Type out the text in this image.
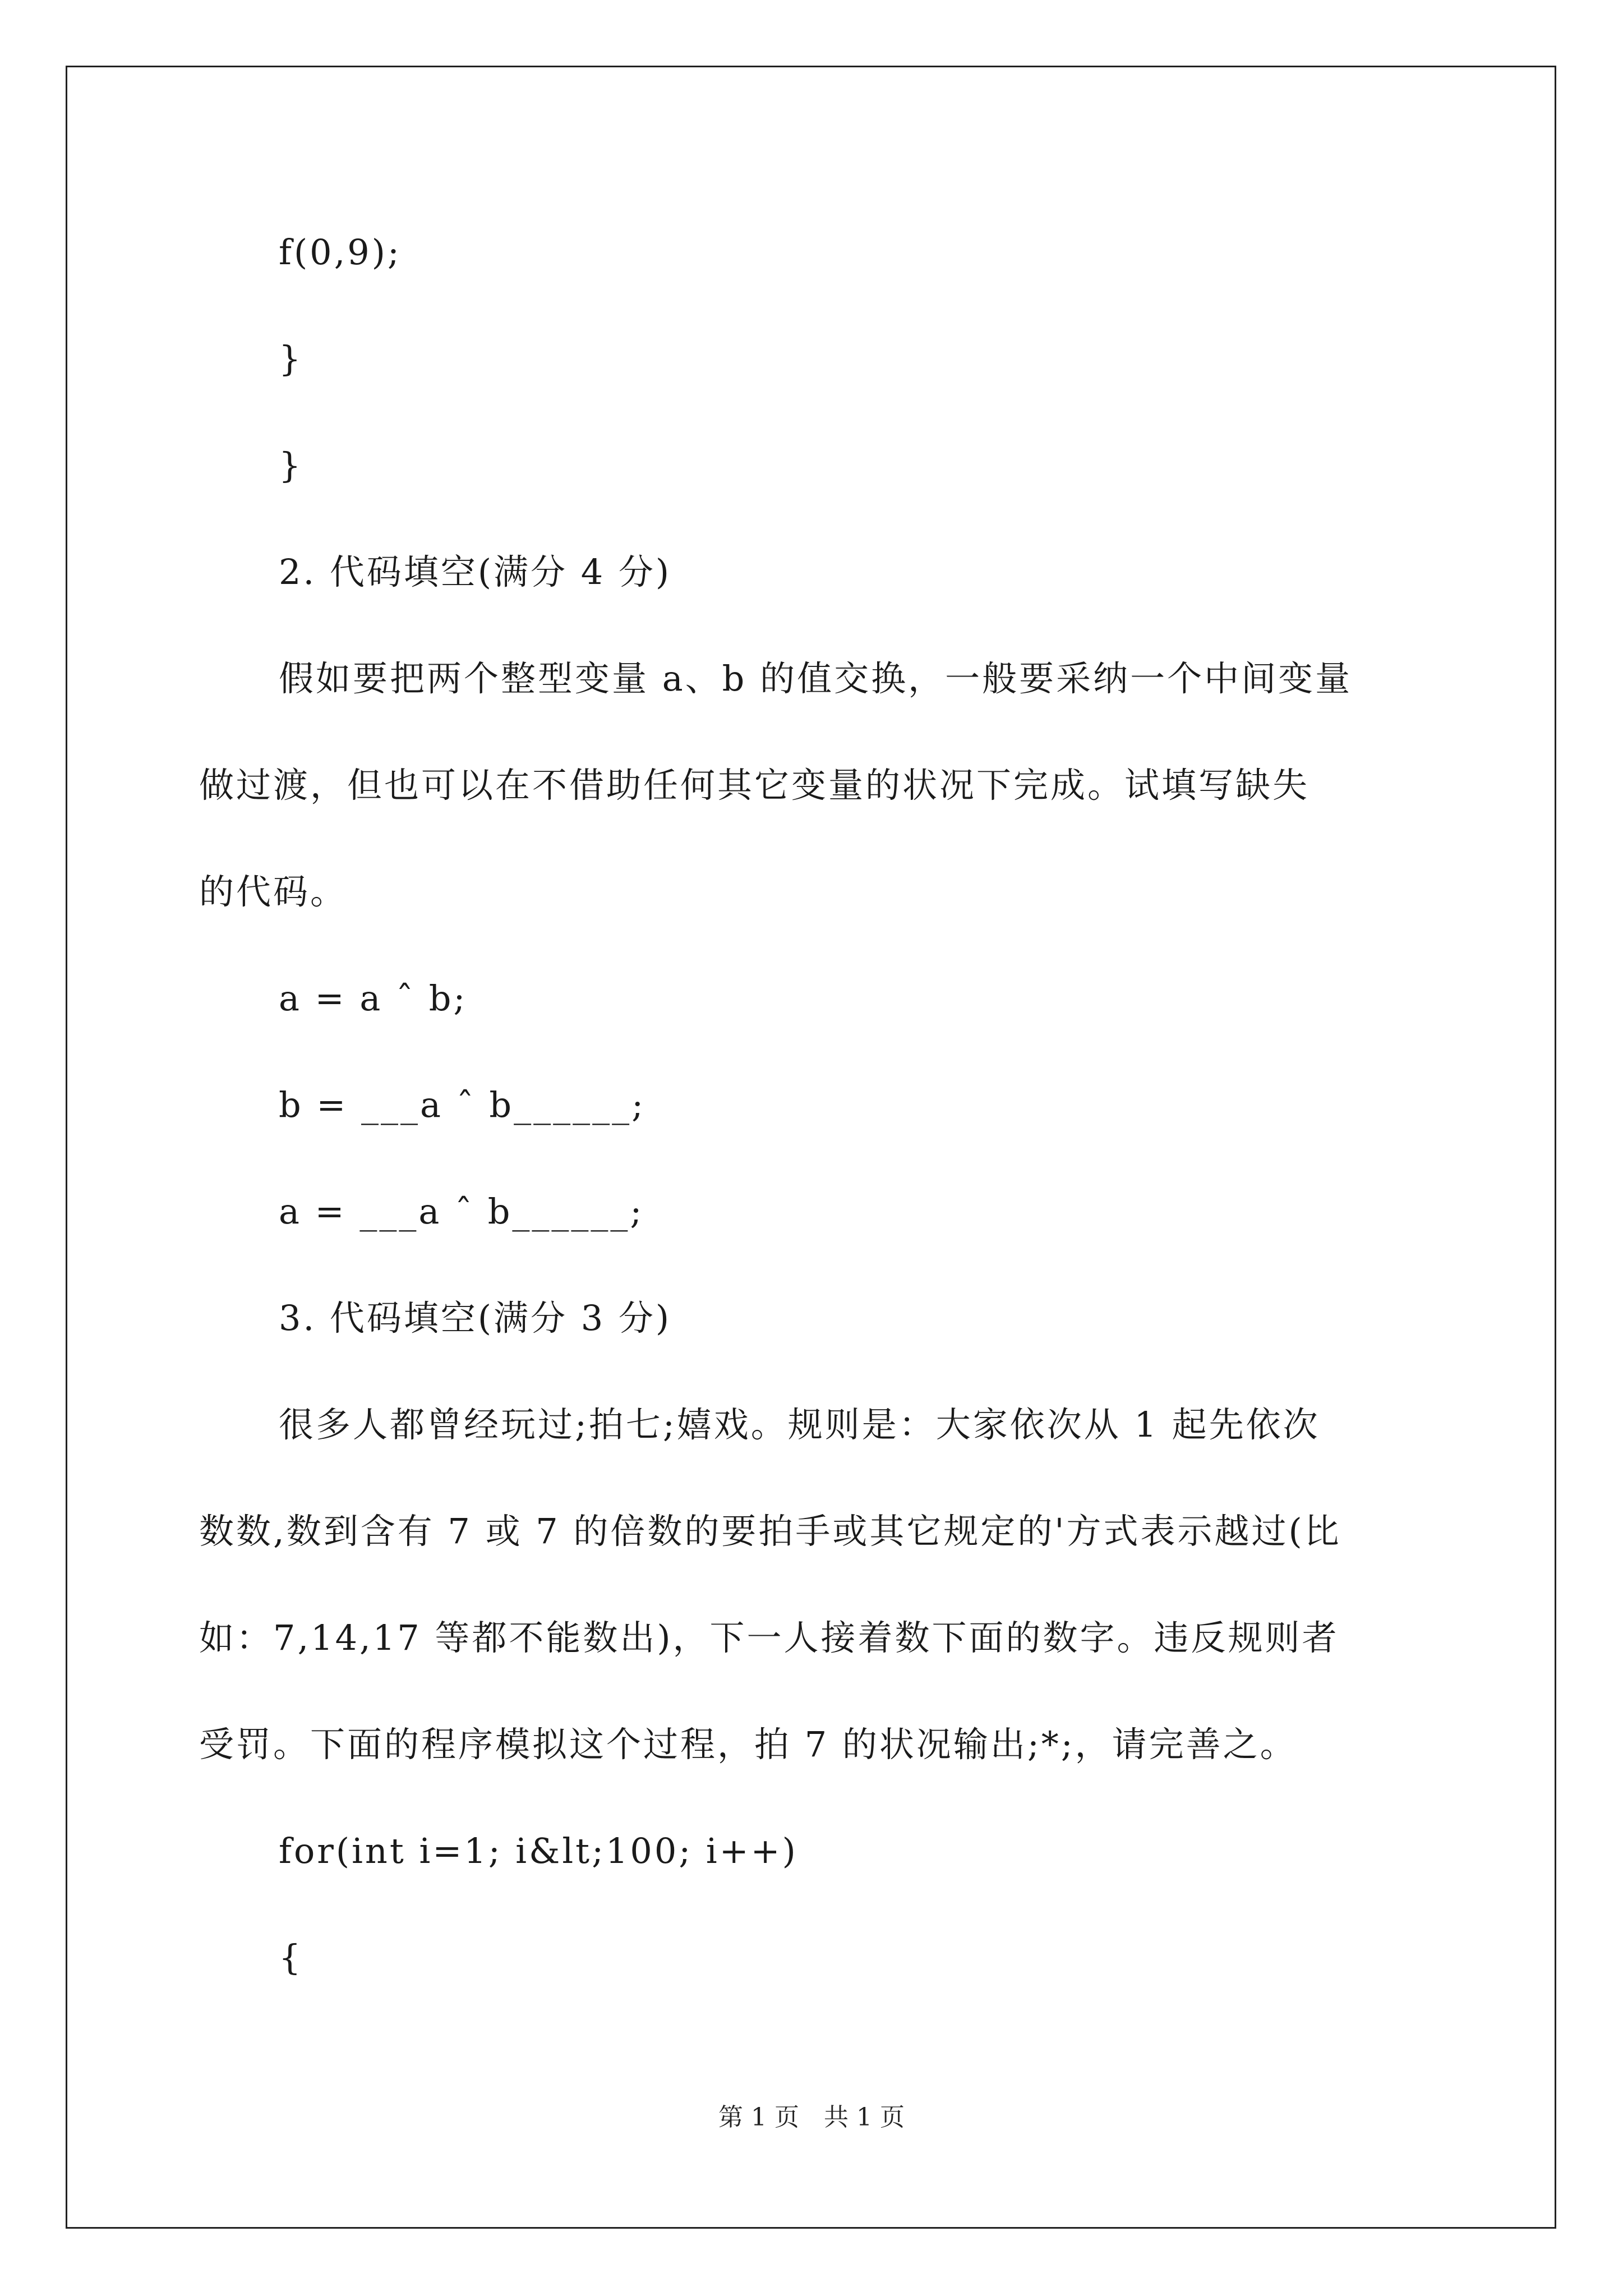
f(0,9);
}
}
2. 代码填空(满分 4 分)
假如要把两个整型变量 a、b 的值交换，一般要采纳一个中间变量
做过渡，但也可以在不借助任何其它变量的状况下完成。试填写缺失
的代码。
a = a ˆ b;
b = ___a ˆ b______;
a = ___a ˆ b______;
3. 代码填空(满分 3 分)
很多人都曾经玩过;拍七;嬉戏。规则是：大家依次从 1 起先依次
数数,数到含有 7 或 7 的倍数的要拍手或其它规定的'方式表示越过(比
如：7,14,17 等都不能数出)，下一人接着数下面的数字。违反规则者
受罚。下面的程序模拟这个过程，拍 7 的状况输出;*;，请完善之。
for(int i=1; i&lt;100; i++)
{
第 1 页　共 1 页
